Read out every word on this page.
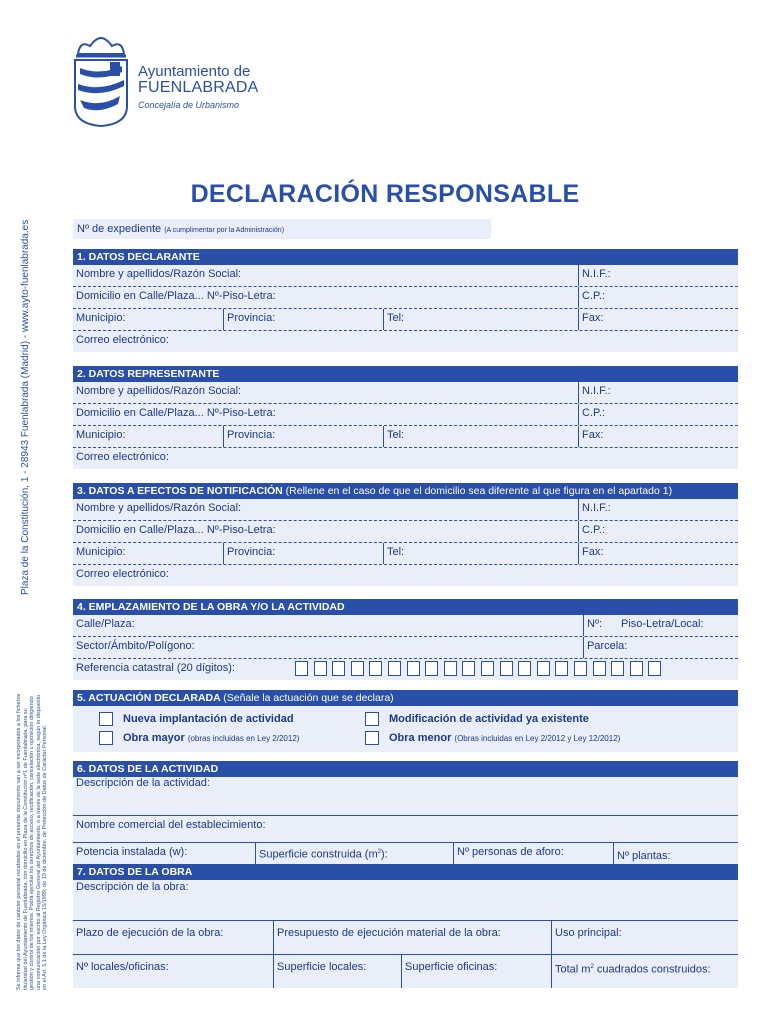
Ayuntamiento de
FUENLABRADA
Concejalía de Urbanismo
Plaza de la Constitución, 1 - 28943 Fuenlabrada (Madrid) - www.ayto-fuenlabrada.es
Se informa que los datos de carácter personal recabados en el presente documento van a ser incorporados a los ficheros titularidad del Ayuntamiento de Fuenlabrada, con domicilio en Plaza de la Constitución nº1 de Fuenlabrada, para su gestión y control de los mismos. Podrá ejercitar los derechos de acceso, rectificación, cancelación u oposición dirigiendo una comunicación por escrito al Registro General del Ayuntamiento, o a través de la sede electrónica, según lo dispuesto en el Art. 5.1 de la Ley Orgánica 15/1999, de 13 de diciembre, de Protección de Datos de Carácter Personal.
DECLARACIÓN RESPONSABLE
Nº de expediente (A cumplimentar por la Administración)
1. DATOS DECLARANTE
Nombre y apellidos/Razón Social:	N.I.F.:
Domicilio en Calle/Plaza... Nº-Piso-Letra:	C.P.:
Municipio:	Provincia:	Tel:	Fax:
Correo electrónico:
2. DATOS REPRESENTANTE
Nombre y apellidos/Razón Social:	N.I.F.:
Domicilio en Calle/Plaza... Nº-Piso-Letra:	C.P.:
Municipio:	Provincia:	Tel:	Fax:
Correo electrónico:
3. DATOS A EFECTOS DE NOTIFICACIÓN (Rellene en el caso de que el domicilio sea diferente al que figura en el apartado 1)
Nombre y apellidos/Razón Social:	N.I.F.:
Domicilio en Calle/Plaza... Nº-Piso-Letra:	C.P.:
Municipio:	Provincia:	Tel:	Fax:
Correo electrónico:
4. EMPLAZAMIENTO DE LA OBRA Y/O LA ACTIVIDAD
Calle/Plaza:	Nº:	Piso-Letra/Local:
Sector/Ámbito/Polígono:	Parcela:
Referencia catastral (20 dígitos):
5. ACTUACIÓN DECLARADA (Señale la actuación que se declara)
Nueva implantación de actividad	Modificación de actividad ya existente
Obra mayor (obras incluidas en Ley 2/2012)	Obra menor (Obras incluidas en Ley 2/2012 y Ley 12/2012)
6. DATOS DE LA ACTIVIDAD
Descripción de la actividad:
Nombre comercial del establecimiento:
Potencia instalada (w):	Superficie construida $(m^2)$:	Nº personas de aforo:	Nº plantas:
7. DATOS DE LA OBRA
Descripción de la obra:
Plazo de ejecución de la obra:	Presupuesto de ejecución material de la obra:	Uso principal:
Nº locales/oficinas:	Superficie locales:	Superficie oficinas:	Total $m^2$ cuadrados construidos:
